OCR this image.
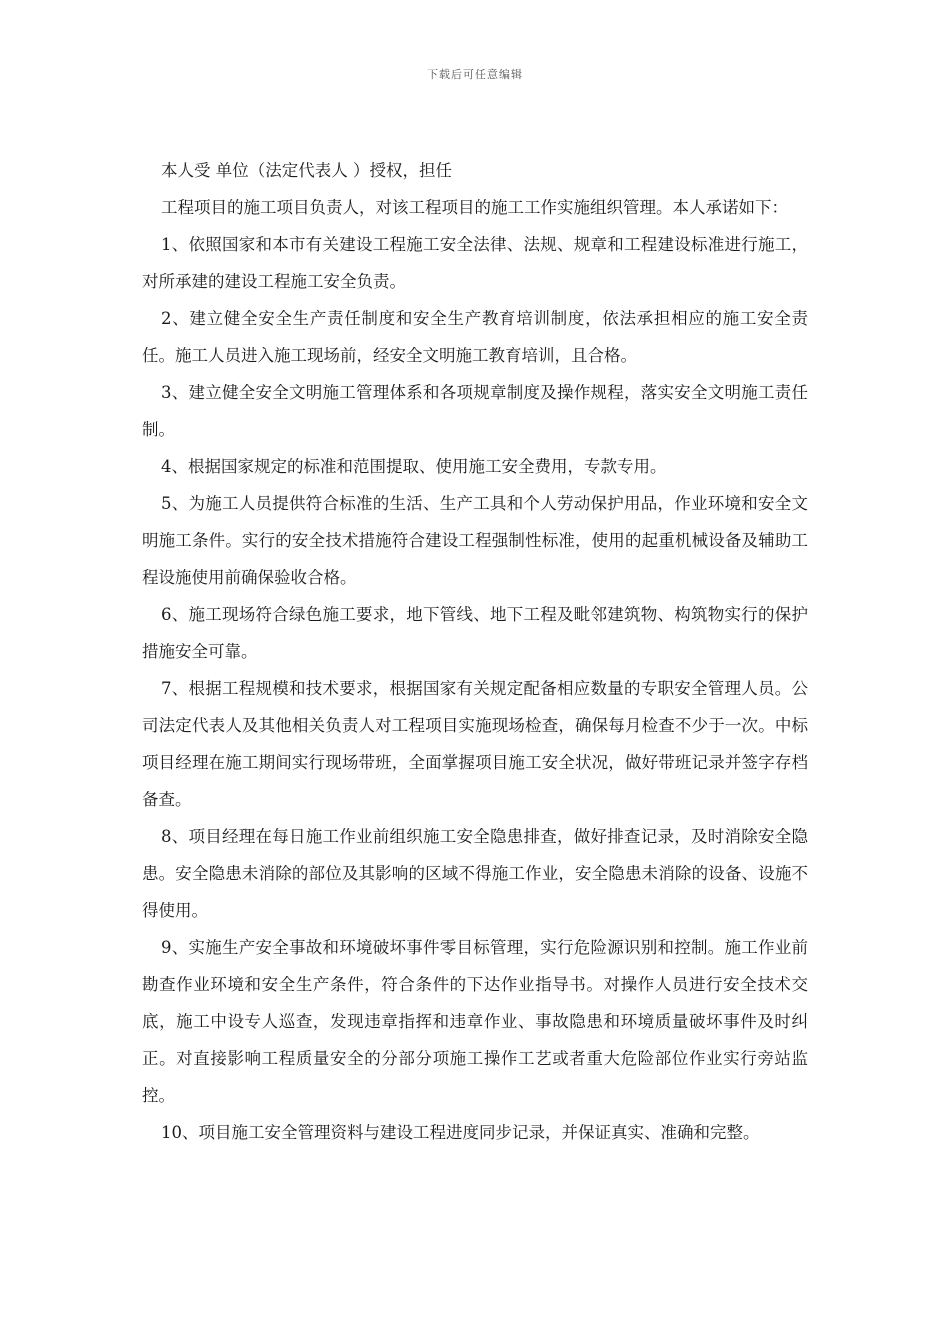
下载后可任意编辑

本人受 单位（法定代表人 ）授权，担任

工程项目的施工项目负责人，对该工程项目的施工工作实施组织管理。本人承诺如下：

1、依照国家和本市有关建设工程施工安全法律、法规、规章和工程建设标准进行施工，对所承建的建设工程施工安全负责。

2、建立健全安全生产责任制度和安全生产教育培训制度，依法承担相应的施工安全责任。施工人员进入施工现场前，经安全文明施工教育培训，且合格。

3、建立健全安全文明施工管理体系和各项规章制度及操作规程，落实安全文明施工责任制。

4、根据国家规定的标准和范围提取、使用施工安全费用，专款专用。

5、为施工人员提供符合标准的生活、生产工具和个人劳动保护用品，作业环境和安全文明施工条件。实行的安全技术措施符合建设工程强制性标准，使用的起重机械设备及辅助工程设施使用前确保验收合格。

6、施工现场符合绿色施工要求，地下管线、地下工程及毗邻建筑物、构筑物实行的保护措施安全可靠。

7、根据工程规模和技术要求，根据国家有关规定配备相应数量的专职安全管理人员。公司法定代表人及其他相关负责人对工程项目实施现场检查，确保每月检查不少于一次。中标项目经理在施工期间实行现场带班，全面掌握项目施工安全状况，做好带班记录并签字存档备查。

8、项目经理在每日施工作业前组织施工安全隐患排查，做好排查记录，及时消除安全隐患。安全隐患未消除的部位及其影响的区域不得施工作业，安全隐患未消除的设备、设施不得使用。

9、实施生产安全事故和环境破坏事件零目标管理，实行危险源识别和控制。施工作业前勘查作业环境和安全生产条件，符合条件的下达作业指导书。对操作人员进行安全技术交底，施工中设专人巡查，发现违章指挥和违章作业、事故隐患和环境质量破坏事件及时纠正。对直接影响工程质量安全的分部分项施工操作工艺或者重大危险部位作业实行旁站监控。

10、项目施工安全管理资料与建设工程进度同步记录，并保证真实、准确和完整。
